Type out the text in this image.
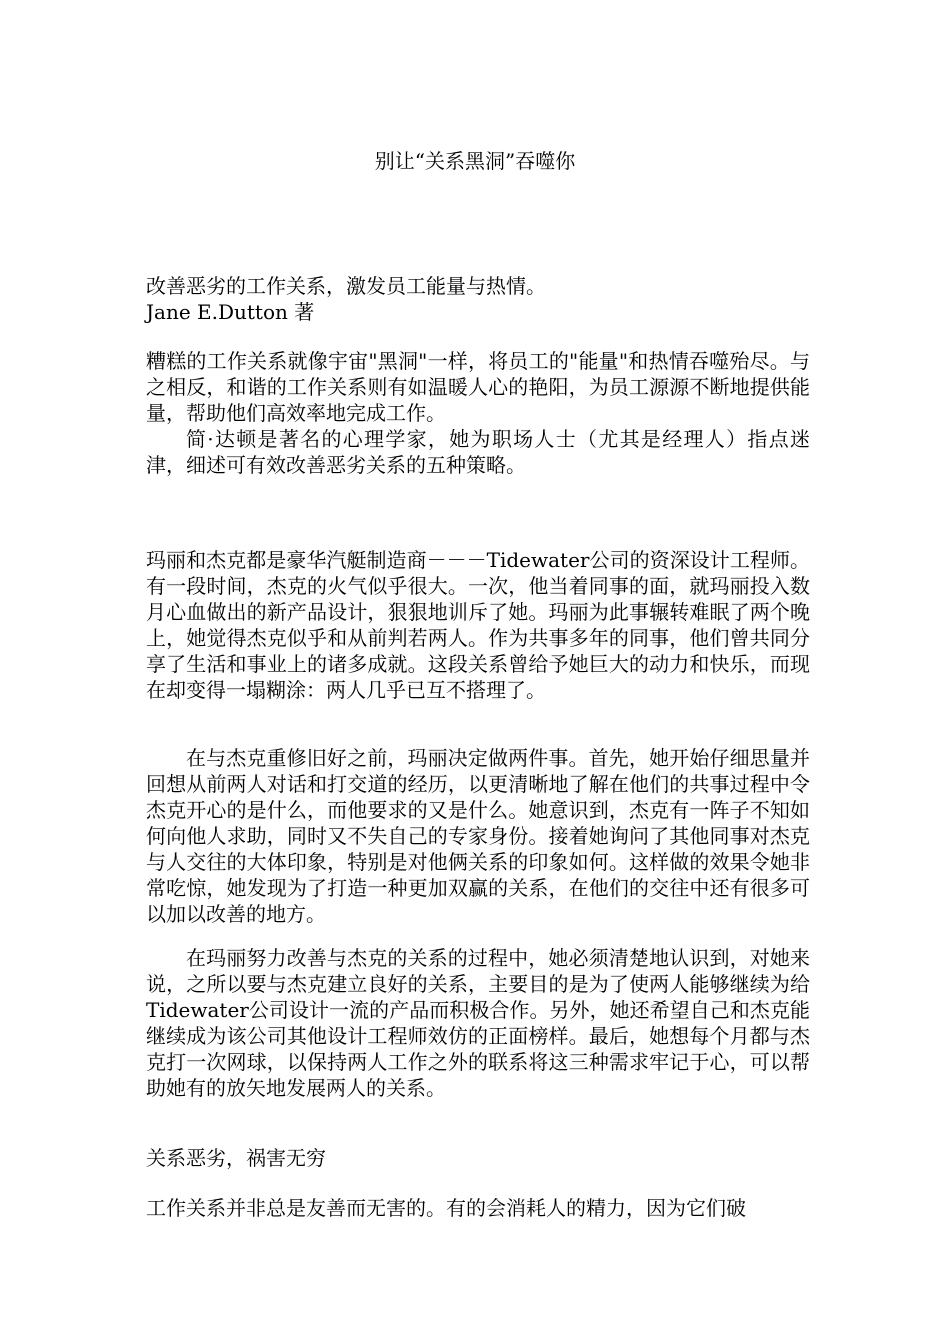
别让“关系黑洞”吞噬你

改善恶劣的工作关系，激发员工能量与热情。

Jane E.Dutton 著

糟糕的工作关系就像宇宙"黑洞"一样，将员工的"能量"和热情吞噬殆尽。与之相反，和谐的工作关系则有如温暖人心的艳阳，为员工源源不断地提供能量，帮助他们高效率地完成工作。

简·达顿是著名的心理学家，她为职场人士（尤其是经理人）指点迷津，细述可有效改善恶劣关系的五种策略。

玛丽和杰克都是豪华汽艇制造商－－－Tidewater公司的资深设计工程师。有一段时间，杰克的火气似乎很大。一次，他当着同事的面，就玛丽投入数月心血做出的新产品设计，狠狠地训斥了她。玛丽为此事辗转难眠了两个晚上，她觉得杰克似乎和从前判若两人。作为共事多年的同事，他们曾共同分享了生活和事业上的诸多成就。这段关系曾给予她巨大的动力和快乐，而现在却变得一塌糊涂：两人几乎已互不搭理了。
在与杰克重修旧好之前，玛丽决定做两件事。首先，她开始仔细思量并回想从前两人对话和打交道的经历，以更清晰地了解在他们的共事过程中令杰克开心的是什么，而他要求的又是什么。她意识到，杰克有一阵子不知如何向他人求助，同时又不失自己的专家身份。接着她询问了其他同事对杰克与人交往的大体印象，特别是对他俩关系的印象如何。这样做的效果令她非常吃惊，她发现为了打造一种更加双赢的关系，在他们的交往中还有很多可以加以改善的地方。
在玛丽努力改善与杰克的关系的过程中，她必须清楚地认识到，对她来说，之所以要与杰克建立良好的关系，主要目的是为了使两人能够继续为给Tidewater公司设计一流的产品而积极合作。另外，她还希望自己和杰克能继续成为该公司其他设计工程师效仿的正面榜样。最后，她想每个月都与杰克打一次网球，以保持两人工作之外的联系将这三种需求牢记于心，可以帮助她有的放矢地发展两人的关系。
关系恶劣，祸害无穷
工作关系并非总是友善而无害的。有的会消耗人的精力，因为它们破
